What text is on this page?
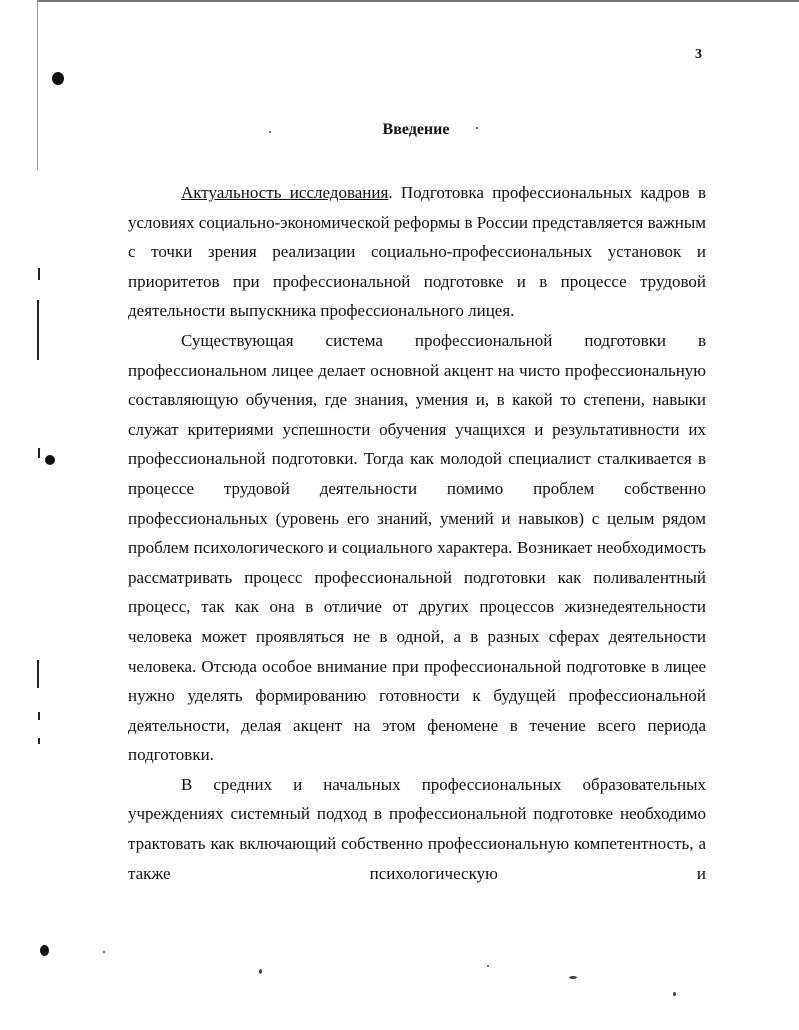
3
Введение

Актуальность исследования. Подготовка профессиональных кадров в условиях социально-экономической реформы в России представляется важным с точки зрения реализации социально-профессиональных установок и приоритетов при профессиональной подготовке и в процессе трудовой деятельности выпускника профессионального лицея.

Существующая система профессиональной подготовки в профессиональном лицее делает основной акцент на чисто профессиональную составляющую обучения, где знания, умения и, в какой то степени, навыки служат критериями успешности обучения учащихся и результативности их профессиональной подготовки. Тогда как молодой специалист сталкивается в процессе трудовой деятельности помимо проблем собственно профессиональных (уровень его знаний, умений и навыков) с целым рядом проблем психологического и социального характера. Возникает необходимость рассматривать процесс профессиональной подготовки как поливалентный процесс, так как она в отличие от других процессов жизнедеятельности человека может проявляться не в одной, а в разных сферах деятельности человека. Отсюда особое внимание при профессиональной подготовке в лицее нужно уделять формированию готовности к будущей профессиональной деятельности, делая акцент на этом феномене в течение всего периода подготовки.

В средних и начальных профессиональных образовательных учреждениях системный подход в профессиональной подготовке необходимо трактовать как включающий собственно профессиональную компетентность, а также психологическую и
